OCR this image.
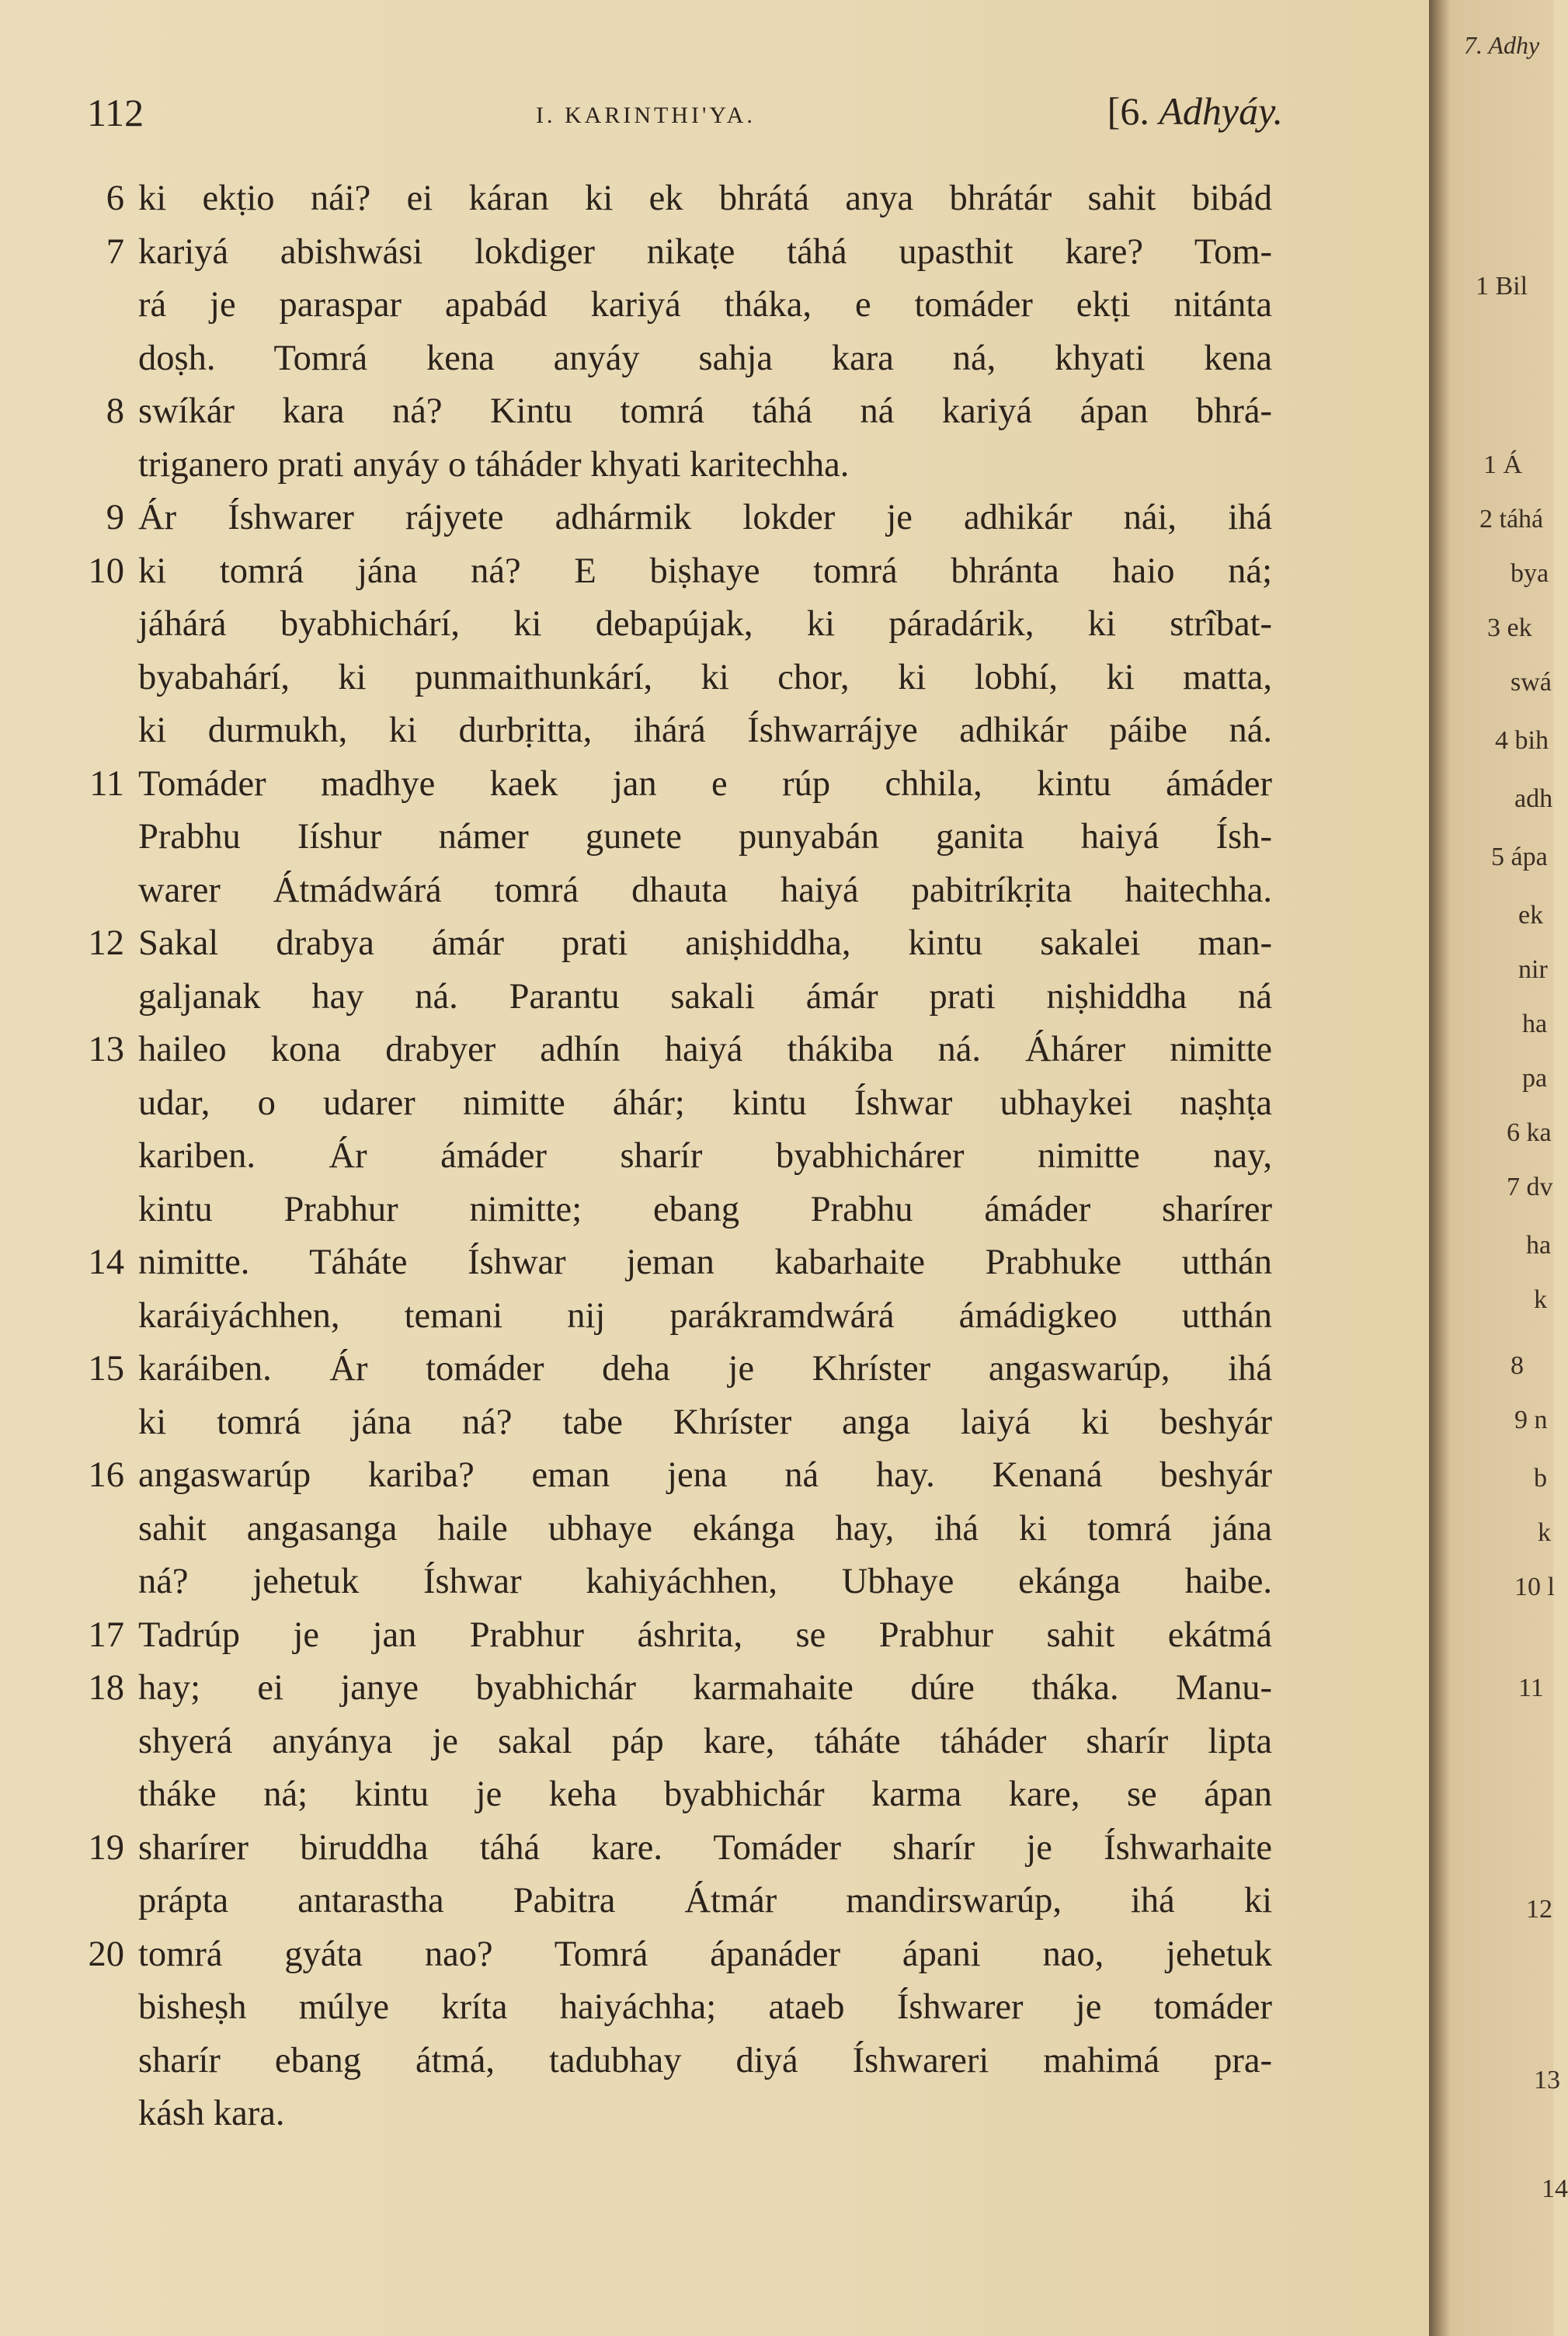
112	I. KARINTHI'YA.	[6. Adhyáy.
6 ki ekṭio nái? ei káran ki ek bhrátá anya bhrátár sahit bibád
7 kariyá abishwási lokdiger nikaṭe táhá upasthit kare? Tom-
rá je paraspar apabád kariyá tháka, e tomáder ekṭi nitánta
doṣh. Tomrá kena anyáy sahja kara ná, khyati kena
8 swíkár kara ná? Kintu tomrá táhá ná kariyá ápan bhrá-
triganero prati anyáy o táháder khyati karitechha.
9 Ár Íshwarer rájyete adhármik lokder je adhikár nái, ihá
10 ki tomrá jána ná? E biṣhaye tomrá bhránta haio ná;
jáhárá byabhichárí, ki debapújak, ki páradárik, ki strîbat-
byabahárí, ki punmaithunkárí, ki chor, ki lobhí, ki matta,
ki durmukh, ki durbṛitta, ihárá Íshwarrájye adhikár páibe ná.
11 Tomáder madhye kaek jan e rúp chhila, kintu ámáder
Prabhu Iíshur námer gunete punyabán ganita haiyá Ísh-
warer Átmádwárá tomrá dhauta haiyá pabitríkṛita haitechha.
12 Sakal drabya ámár prati aniṣhiddha, kintu sakalei man-
galjanak hay ná. Parantu sakali ámár prati niṣhiddha ná
13 haileo kona drabyer adhín haiyá thákiba ná. Áhárer nimitte
udar, o udarer nimitte áhár; kintu Íshwar ubhaykei naṣhṭa
kariben. Ár ámáder sharír byabhichárer nimitte nay,
kintu Prabhur nimitte; ebang Prabhu ámáder sharírer
14 nimitte. Táháte Íshwar jeman kabarhaite Prabhuke utthán
karáiyáchhen, temani nij parákramdwárá ámádigkeo utthán
15 karáiben. Ár tomáder deha je Khríster angaswarúp, ihá
ki tomrá jána ná? tabe Khríster anga laiyá ki beshyár
16 angaswarúp kariba? eman jena ná hay. Kenaná beshyár
sahit angasanga haile ubhaye ekánga hay, ihá ki tomrá jána
ná? jehetuk Íshwar kahiyáchhen, Ubhaye ekánga haibe.
17 Tadrúp je jan Prabhur áshrita, se Prabhur sahit ekátmá
18 hay; ei janye byabhichár karmahaite dúre tháka. Manu-
shyerá anyánya je sakal páp kare, táháte táháder sharír lipta
tháke ná; kintu je keha byabhichár karma kare, se ápan
19 sharírer biruddha táhá kare. Tomáder sharír je Íshwarhaite
prápta antarastha Pabitra Átmár mandirswarúp, ihá ki
20 tomrá gyáta nao? Tomrá ápanáder ápani nao, jehetuk
bisheṣh múlye kríta haiyáchha; ataeb Íshwarer je tomáder
sharír ebang átmá, tadubhay diyá Íshwareri mahimá pra-
kásh kara.
7. Adhy
1 Bil
1 Á
2 táhá
bya
3 ek
swá
4 bih
adh
5 ápa
ek
nir
ha
pa
6 ka
7 dv
ha
k
8
9 n
b
k
10 l
11
12
13
14
